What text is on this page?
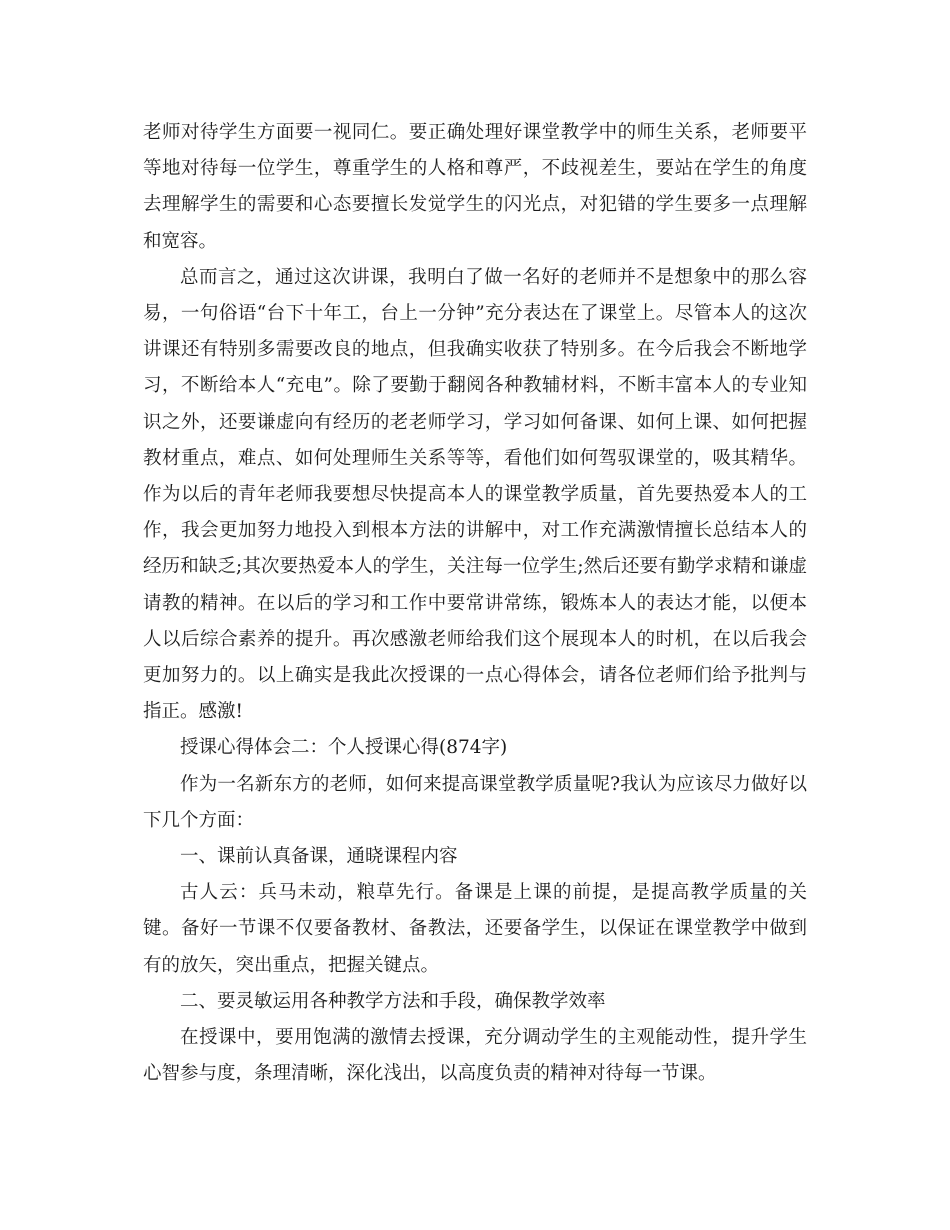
老师对待学生方面要一视同仁。要正确处理好课堂教学中的师生关系，老师要平等地对待每一位学生，尊重学生的人格和尊严，不歧视差生，要站在学生的角度去理解学生的需要和心态要擅长发觉学生的闪光点，对犯错的学生要多一点理解和宽容。

总而言之，通过这次讲课，我明白了做一名好的老师并不是想象中的那么容易，一句俗语“台下十年工，台上一分钟”充分表达在了课堂上。尽管本人的这次讲课还有特别多需要改良的地点，但我确实收获了特别多。在今后我会不断地学习，不断给本人“充电”。除了要勤于翻阅各种教辅材料，不断丰富本人的专业知识之外，还要谦虚向有经历的老老师学习，学习如何备课、如何上课、如何把握教材重点，难点、如何处理师生关系等等，看他们如何驾驭课堂的，吸其精华。作为以后的青年老师我要想尽快提高本人的课堂教学质量，首先要热爱本人的工作，我会更加努力地投入到根本方法的讲解中，对工作充满激情擅长总结本人的经历和缺乏;其次要热爱本人的学生，关注每一位学生;然后还要有勤学求精和谦虚请教的精神。在以后的学习和工作中要常讲常练，锻炼本人的表达才能，以便本人以后综合素养的提升。再次感激老师给我们这个展现本人的时机，在以后我会更加努力的。以上确实是我此次授课的一点心得体会，请各位老师们给予批判与指正。感激!

授课心得体会二：个人授课心得(874字)

作为一名新东方的老师，如何来提高课堂教学质量呢?我认为应该尽力做好以下几个方面：

一、课前认真备课，通晓课程内容

古人云：兵马未动，粮草先行。备课是上课的前提，是提高教学质量的关键。备好一节课不仅要备教材、备教法，还要备学生，以保证在课堂教学中做到有的放矢，突出重点，把握关键点。

二、要灵敏运用各种教学方法和手段，确保教学效率

在授课中，要用饱满的激情去授课，充分调动学生的主观能动性，提升学生心智参与度，条理清晰，深化浅出，以高度负责的精神对待每一节课。
